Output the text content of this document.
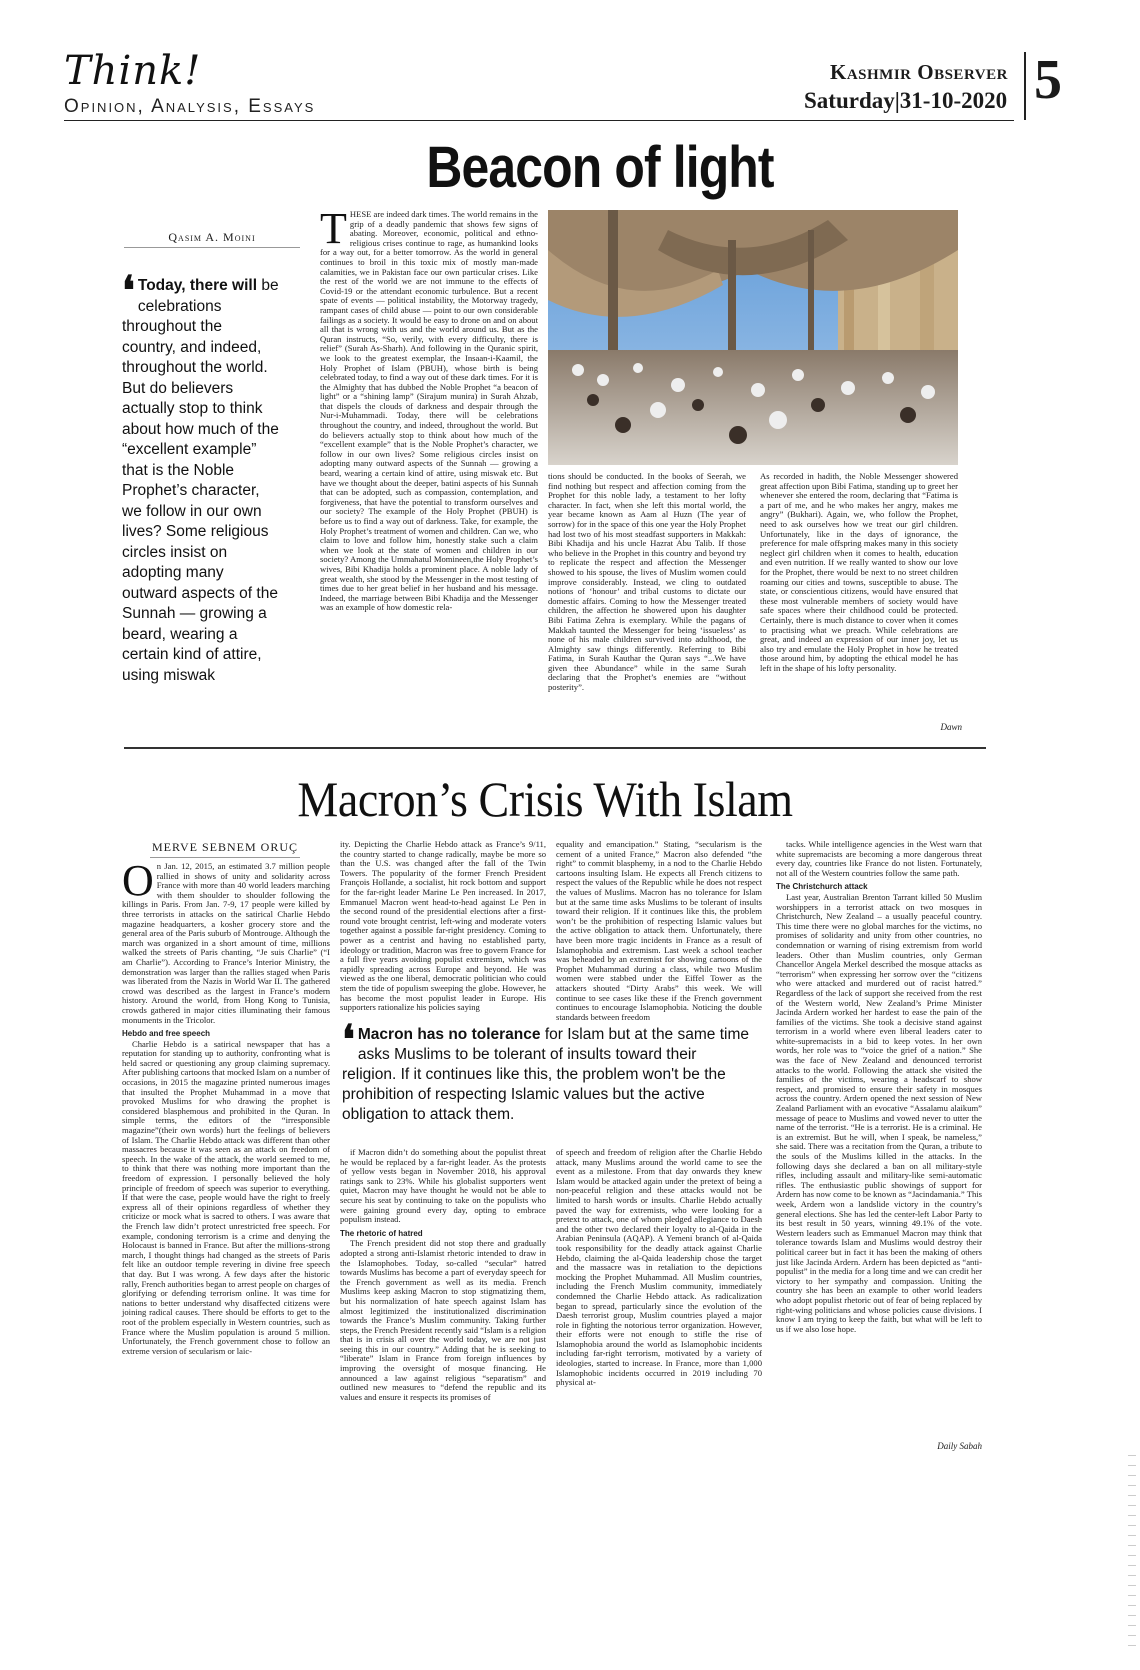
Think!
Opinion, Analysis, Essays
Kashmir Observer
Saturday|31-10-2020 5
Beacon of light
Qasim A. Moini
❛ Today, there will be celebrations throughout the country, and indeed, throughout the world. But do believers actually stop to think about how much of the “excellent example” that is the Noble Prophet’s character, we follow in our own lives? Some religious circles insist on adopting many outward aspects of the Sunnah — growing a beard, wearing a certain kind of attire, using miswak
THESE are indeed dark times. The world remains in the grip of a deadly pandemic that shows few signs of abating. Moreover, economic, political and ethno-religious crises continue to rage, as humankind looks for a way out, for a better tomorrow. As the world in general continues to broil in this toxic mix of mostly man-made calamities, we in Pakistan face our own particular crises. Like the rest of the world we are not immune to the effects of Covid-19 or the attendant economic turbulence. But a recent spate of events — political instability, the Motorway tragedy, rampant cases of child abuse — point to our own considerable failings as a society. It would be easy to drone on and on about all that is wrong with us and the world around us. But as the Quran instructs, “So, verily, with every difficulty, there is relief” (Surah As-Sharh). And following in the Quranic spirit, we look to the greatest exemplar, the Insaan-i-Kaamil, the Holy Prophet of Islam (PBUH), whose birth is being celebrated today, to find a way out of these dark times. For it is the Almighty that has dubbed the Noble Prophet “a beacon of light” or a “shining lamp” (Sirajum munira) in Surah Ahzab, that dispels the clouds of darkness and despair through the Nur-i-Muhammadi. Today, there will be celebrations throughout the country, and indeed, throughout the world. But do believers actually stop to think about how much of the “excellent example” that is the Noble Prophet’s character, we follow in our own lives? Some religious circles insist on adopting many outward aspects of the Sunnah — growing a beard, wearing a certain kind of attire, using miswak etc. But have we thought about the deeper, batini aspects of his Sunnah that can be adopted, such as compassion, contemplation, and forgiveness, that have the potential to transform ourselves and our society? The example of the Holy Prophet (PBUH) is before us to find a way out of darkness. Take, for example, the Holy Prophet’s treatment of women and children. Can we, who claim to love and follow him, honestly stake such a claim when we look at the state of women and children in our society? Among the Ummahatul Momineen,the Holy Prophet’s wives, Bibi Khadija holds a prominent place. A noble lady of great wealth, she stood by the Messenger in the most testing of times due to her great belief in her husband and his message. Indeed, the marriage between Bibi Khadija and the Messenger was an example of how domestic rela-
tions should be conducted. In the books of Seerah, we find nothing but respect and affection coming from the Prophet for this noble lady, a testament to her lofty character. In fact, when she left this mortal world, the year became known as Aam al Huzn (The year of sorrow) for in the space of this one year the Holy Prophet had lost two of his most steadfast supporters in Makkah: Bibi Khadija and his uncle Hazrat Abu Talib. If those who believe in the Prophet in this country and beyond try to replicate the respect and affection the Messenger showed to his spouse, the lives of Muslim women could improve considerably. Instead, we cling to outdated notions of ‘honour’ and tribal customs to dictate our domestic affairs. Coming to how the Messenger treated children, the affection he showered upon his daughter Bibi Fatima Zehra is exemplary. While the pagans of Makkah taunted the Messenger for being ‘issueless’ as none of his male children survived into adulthood, the Almighty saw things differently. Referring to Bibi Fatima, in Surah Kauthar the Quran says “...We have given thee Abundance” while in the same Surah declaring that the Prophet’s enemies are “without posterity”.
As recorded in hadith, the Noble Messenger showered great affection upon Bibi Fatima, standing up to greet her whenever she entered the room, declaring that “Fatima is a part of me, and he who makes her angry, makes me angry” (Bukhari). Again, we, who follow the Prophet, need to ask ourselves how we treat our girl children. Unfortunately, like in the days of ignorance, the preference for male offspring makes many in this society neglect girl children when it comes to health, education and even nutrition. If we really wanted to show our love for the Prophet, there would be next to no street children roaming our cities and towns, susceptible to abuse. The state, or conscientious citizens, would have ensured that these most vulnerable members of society would have safe spaces where their childhood could be protected. Certainly, there is much distance to cover when it comes to practising what we preach. While celebrations are great, and indeed an expression of our inner joy, let us also try and emulate the Holy Prophet in how he treated those around him, by adopting the ethical model he has left in the shape of his lofty personality.
Dawn
Macron’s Crisis With Islam
MERVE SEBNEM ORUÇ
On Jan. 12, 2015, an estimated 3.7 million people rallied in shows of unity and solidarity across France with more than 40 world leaders marching with them shoulder to shoulder following the killings in Paris. From Jan. 7-9, 17 people were killed by three terrorists in attacks on the satirical Charlie Hebdo magazine headquarters, a kosher grocery store and the general area of the Paris suburb of Montrouge. Although the march was organized in a short amount of time, millions walked the streets of Paris chanting, “Je suis Charlie” (“I am Charlie”). According to France’s Interior Ministry, the demonstration was larger than the rallies staged when Paris was liberated from the Nazis in World War II. The gathered crowd was described as the largest in France’s modern history. Around the world, from Hong Kong to Tunisia, crowds gathered in major cities illuminating their famous monuments in the Tricolor.
Hebdo and free speech

Charlie Hebdo is a satirical newspaper that has a reputation for standing up to authority, confronting what is held sacred or questioning any group claiming supremacy. After publishing cartoons that mocked Islam on a number of occasions, in 2015 the magazine printed numerous images that insulted the Prophet Muhammad in a move that provoked Muslims for who drawing the prophet is considered blasphemous and prohibited in the Quran. In simple terms, the editors of the “irresponsible magazine”(their own words) hurt the feelings of believers of Islam. The Charlie Hebdo attack was different than other massacres because it was seen as an attack on freedom of speech. In the wake of the attack, the world seemed to me, to think that there was nothing more important than the freedom of expression. I personally believed the holy principle of freedom of speech was superior to everything. If that were the case, people would have the right to freely express all of their opinions regardless of whether they criticize or mock what is sacred to others. I was aware that the French law didn’t protect unrestricted free speech. For example, condoning terrorism is a crime and denying the Holocaust is banned in France. But after the millions-strong march, I thought things had changed as the streets of Paris felt like an outdoor temple revering in divine free speech that day. But I was wrong. A few days after the historic rally, French authorities began to arrest people on charges of glorifying or defending terrorism online. It was time for nations to better understand why disaffected citizens were joining radical causes. There should be efforts to get to the root of the problem especially in Western countries, such as France where the Muslim population is around 5 million. Unfortunately, the French government chose to follow an extreme version of secularism or laic-

ity. Depicting the Charlie Hebdo attack as France’s 9/11, the country started to change radically, maybe be more so than the U.S. was changed after the fall of the Twin Towers. The popularity of the former French President François Hollande, a socialist, hit rock bottom and support for the far-right leader Marine Le Pen increased. In 2017, Emmanuel Macron went head-to-head against Le Pen in the second round of the presidential elections after a first-round vote brought centrist, left-wing and moderate voters together against a possible far-right presidency. Coming to power as a centrist and having no established party, ideology or tradition, Macron was free to govern France for a full five years avoiding populist extremism, which was rapidly spreading across Europe and beyond. He was viewed as the one liberal, democratic politician who could stem the tide of populism sweeping the globe. However, he has become the most populist leader in Europe. His supporters rationalize his policies saying
❛ Macron has no tolerance for Islam but at the same time asks Muslims to be tolerant of insults toward their religion. If it continues like this, the problem won't be the prohibition of respecting Islamic values but the active obligation to attack them.

if Macron didn’t do something about the populist threat he would be replaced by a far-right leader. As the protests of yellow vests began in November 2018, his approval ratings sank to 23%. While his globalist supporters went quiet, Macron may have thought he would not be able to secure his seat by continuing to take on the populists who were gaining ground every day, opting to embrace populism instead.

The rhetoric of hatred

The French president did not stop there and gradually adopted a strong anti-Islamist rhetoric intended to draw in the Islamophobes. Today, so-called “secular” hatred towards Muslims has become a part of everyday speech for the French government as well as its media. French Muslims keep asking Macron to stop stigmatizing them, but his normalization of hate speech against Islam has almost legitimized the institutionalized discrimination towards the France’s Muslim community. Taking further steps, the French President recently said “Islam is a religion that is in crisis all over the world today, we are not just seeing this in our country.” Adding that he is seeking to “liberate” Islam in France from foreign influences by improving the oversight of mosque financing. He announced a law against religious “separatism” and outlined new measures to “defend the republic and its values and ensure it respects its promises of

equality and emancipation.” Stating, “secularism is the cement of a united France,” Macron also defended “the right” to commit blasphemy, in a nod to the Charlie Hebdo cartoons insulting Islam. He expects all French citizens to respect the values of the Republic while he does not respect the values of Muslims. Macron has no tolerance for Islam but at the same time asks Muslims to be tolerant of insults toward their religion. If it continues like this, the problem won’t be the prohibition of respecting Islamic values but the active obligation to attack them. Unfortunately, there have been more tragic incidents in France as a result of Islamophobia and extremism. Last week a school teacher was beheaded by an extremist for showing cartoons of the Prophet Muhammad during a class, while two Muslim women were stabbed under the Eiffel Tower as the attackers shouted “Dirty Arabs” this week. We will continue to see cases like these if the French government continues to encourage Islamophobia. Noticing the double standards between freedom
of speech and freedom of religion after the Charlie Hebdo attack, many Muslims around the world came to see the event as a milestone. From that day onwards they knew Islam would be attacked again under the pretext of being a non-peaceful religion and these attacks would not be limited to harsh words or insults. Charlie Hebdo actually paved the way for extremists, who were looking for a pretext to attack, one of whom pledged allegiance to Daesh and the other two declared their loyalty to al-Qaida in the Arabian Peninsula (AQAP). A Yemeni branch of al-Qaida took responsibility for the deadly attack against Charlie Hebdo, claiming the al-Qaida leadership chose the target and the massacre was in retaliation to the depictions mocking the Prophet Muhammad. All Muslim countries, including the French Muslim community, immediately condemned the Charlie Hebdo attack. As radicalization began to spread, particularly since the evolution of the Daesh terrorist group, Muslim countries played a major role in fighting the notorious terror organization. However, their efforts were not enough to stifle the rise of Islamophobia around the world as Islamophobic incidents including far-right terrorism, motivated by a variety of ideologies, started to increase. In France, more than 1,000 Islamophobic incidents occurred in 2019 including 70 physical at-

tacks. While intelligence agencies in the West warn that white supremacists are becoming a more dangerous threat every day, countries like France do not listen. Fortunately, not all of the Western countries follow the same path.

The Christchurch attack

Last year, Australian Brenton Tarrant killed 50 Muslim worshippers in a terrorist attack on two mosques in Christchurch, New Zealand – a usually peaceful country. This time there were no global marches for the victims, no promises of solidarity and unity from other countries, no condemnation or warning of rising extremism from world leaders. Other than Muslim countries, only German Chancellor Angela Merkel described the mosque attacks as “terrorism” when expressing her sorrow over the “citizens who were attacked and murdered out of racist hatred.” Regardless of the lack of support she received from the rest of the Western world, New Zealand’s Prime Minister Jacinda Ardern worked her hardest to ease the pain of the families of the victims. She took a decisive stand against terrorism in a world where even liberal leaders cater to white-supremacists in a bid to keep votes. In her own words, her role was to “voice the grief of a nation.” She was the face of New Zealand and denounced terrorist attacks to the world. Following the attack she visited the families of the victims, wearing a headscarf to show respect, and promised to ensure their safety in mosques across the country. Ardern opened the next session of New Zealand Parliament with an evocative “Assalamu alaikum” message of peace to Muslims and vowed never to utter the name of the terrorist. “He is a terrorist. He is a criminal. He is an extremist. But he will, when I speak, be nameless,” she said. There was a recitation from the Quran, a tribute to the souls of the Muslims killed in the attacks. In the following days she declared a ban on all military-style rifles, including assault and military-like semi-automatic rifles. The enthusiastic public showings of support for Ardern has now come to be known as “Jacindamania.” This week, Ardern won a landslide victory in the country’s general elections. She has led the center-left Labor Party to its best result in 50 years, winning 49.1% of the vote. Western leaders such as Emmanuel Macron may think that tolerance towards Islam and Muslims would destroy their political career but in fact it has been the making of others just like Jacinda Ardern. Ardern has been depicted as “anti-populist” in the media for a long time and we can credit her victory to her sympathy and compassion. Uniting the country she has been an example to other world leaders who adopt populist rhetoric out of fear of being replaced by right-wing politicians and whose policies cause divisions. I know I am trying to keep the faith, but what will be left to us if we also lose hope.

Daily Sabah
